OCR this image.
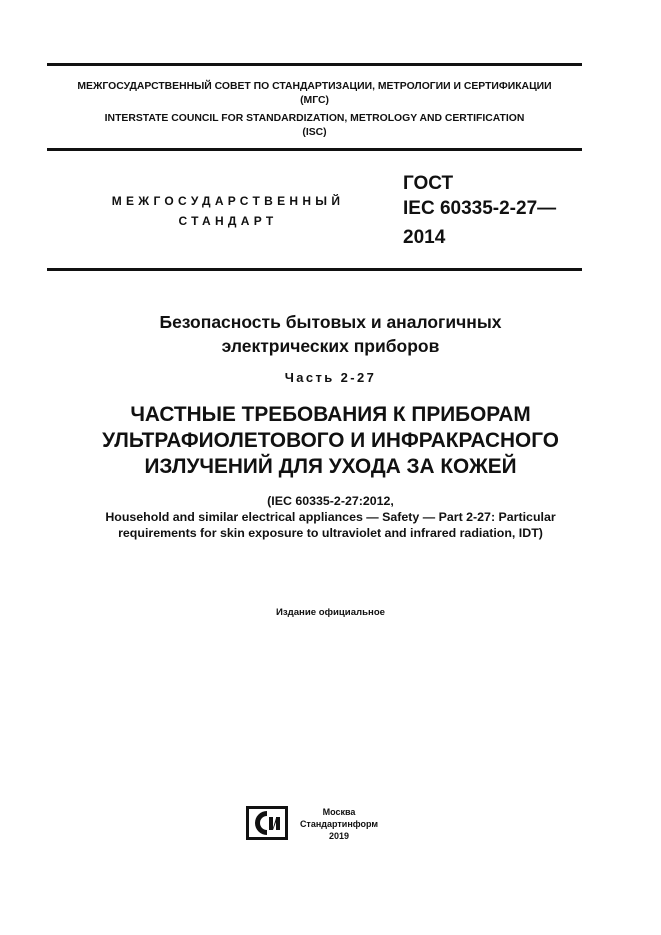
МЕЖГОСУДАРСТВЕННЫЙ СОВЕТ ПО СТАНДАРТИЗАЦИИ, МЕТРОЛОГИИ И СЕРТИФИКАЦИИ
(МГС)
INTERSTATE COUNCIL FOR STANDARDIZATION, METROLOGY AND CERTIFICATION
(ISC)
МЕЖГОСУДАРСТВЕННЫЙ
СТАНДАРТ
ГОСТ
IEC 60335-2-27—
2014
Безопасность бытовых и аналогичных
электрических приборов
Часть 2-27
ЧАСТНЫЕ ТРЕБОВАНИЯ К ПРИБОРАМ
УЛЬТРАФИОЛЕТОВОГО И ИНФРАКРАСНОГО
ИЗЛУЧЕНИЙ ДЛЯ УХОДА ЗА КОЖЕЙ
(IEC 60335-2-27:2012,
Household and similar electrical appliances — Safety — Part 2-27: Particular
requirements for skin exposure to ultraviolet and infrared radiation, IDT)
Издание официальное
Москва
Стандартинформ
2019
